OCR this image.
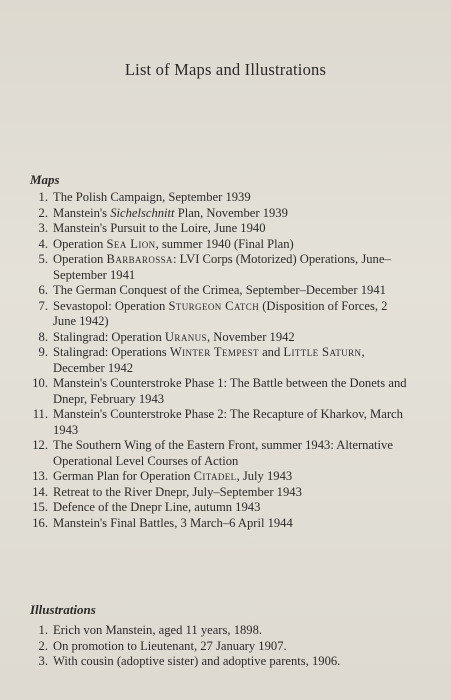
List of Maps and Illustrations
Maps
1. The Polish Campaign, September 1939
2. Manstein's Sichelschnitt Plan, November 1939
3. Manstein's Pursuit to the Loire, June 1940
4. Operation Sea Lion, summer 1940 (Final Plan)
5. Operation Barbarossa: LVI Corps (Motorized) Operations, June–September 1941
6. The German Conquest of the Crimea, September–December 1941
7. Sevastopol: Operation Sturgeon Catch (Disposition of Forces, 2 June 1942)
8. Stalingrad: Operation Uranus, November 1942
9. Stalingrad: Operations Winter Tempest and Little Saturn, December 1942
10. Manstein's Counterstroke Phase 1: The Battle between the Donets and Dnepr, February 1943
11. Manstein's Counterstroke Phase 2: The Recapture of Kharkov, March 1943
12. The Southern Wing of the Eastern Front, summer 1943: Alternative Operational Level Courses of Action
13. German Plan for Operation Citadel, July 1943
14. Retreat to the River Dnepr, July–September 1943
15. Defence of the Dnepr Line, autumn 1943
16. Manstein's Final Battles, 3 March–6 April 1944
Illustrations
1. Erich von Manstein, aged 11 years, 1898.
2. On promotion to Lieutenant, 27 January 1907.
3. With cousin (adoptive sister) and adoptive parents, 1906.
